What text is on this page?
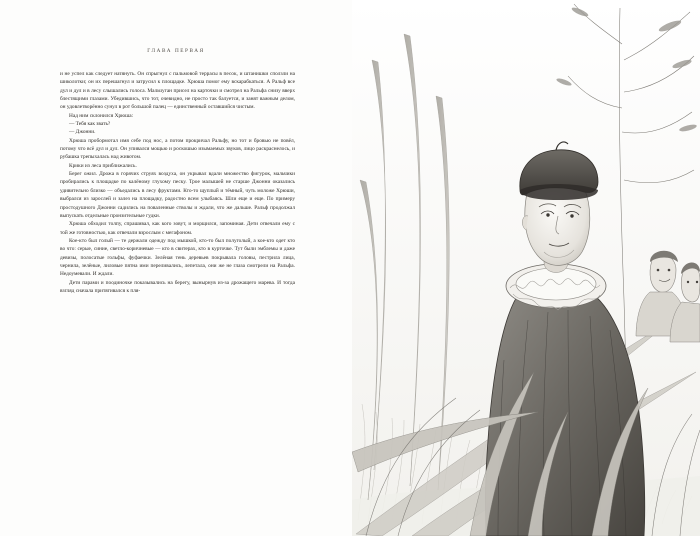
ГЛАВА ПЕРВАЯ

и не успел как следует натянуть. Он спрыгнул с пальмовой террасы в песок, и штанишки сползли на шиколотки; он их перешагнул и затрусил к площадке. Хрюша помог ему вскарабкаться. А Ральф все дул и дул и в лесу слышались голоса. Мальчуган присел на карточки и смотрел на Ральфа снизу вверх блестящими глазами. Убедившись, что тот, очевидно, не просто так балуется, и занят важным делом, он удовлетворённо сунул в рот большой палец — единственный оставшийся чистым.

Над ним склонился Хрюша:

— Тебя как звать?

— Джонни.

Хрюша пробормотал имя себе под нос, а потом прокричал Ральфу, но тот и бровью не повёл, потому что всё дул и дул. Он упивался мощью и роскошью изымаемых звуков, лицо раскраснелось, и рубашка трепыхалась над животом.

Крики из леса приближались.

Берег ожил. Дрожа в горячих струях воздуха, он укрывал вдали множество фигурок, мальчики пробирались к площадке по калёному глухому песку. Трое малышей не старше Джонни оказались удивительно близко — объедались в лесу фруктами. Кто-то щуплый и тёмный, чуть моложе Хрюши, выбрался из зарослей и залез на площадку, радостно всем улыбаясь. Шли еще и еще. По примеру простодушного Джонни садились на поваленные стволы и ждали, что же дальше. Ральф продолжал выпускать отдельные пронзительные гудки.

Хрюша обходил толпу, спрашивал, как кого зовут, и морщился, запоминая. Дети отвечали ему с той же готовностью, как отвечали взрослым с мегафоном.

Кое-кто был голый — те держали одежду под мышкой, кто-то был полуголый, а кое-кто одет кто во что: серые, синие, светло-коричневые — кто в свитерах, кто в курточке. Тут были эмблемы и даже девизы, полосатые гольфы, фуфаечки. Зелёная тень деревьев покрывала головы, пестрила лица, чернила, зелёные, лиловые пятна ими переливались, лепетала, они же не глаза смотрели на Ральфа. Недоумевали. И ждали.

Дети парами и поодиночке показывались на берегу, вынырнув из-за дрожащего марева. И тогда взгляд сначала притягивался к пля-
